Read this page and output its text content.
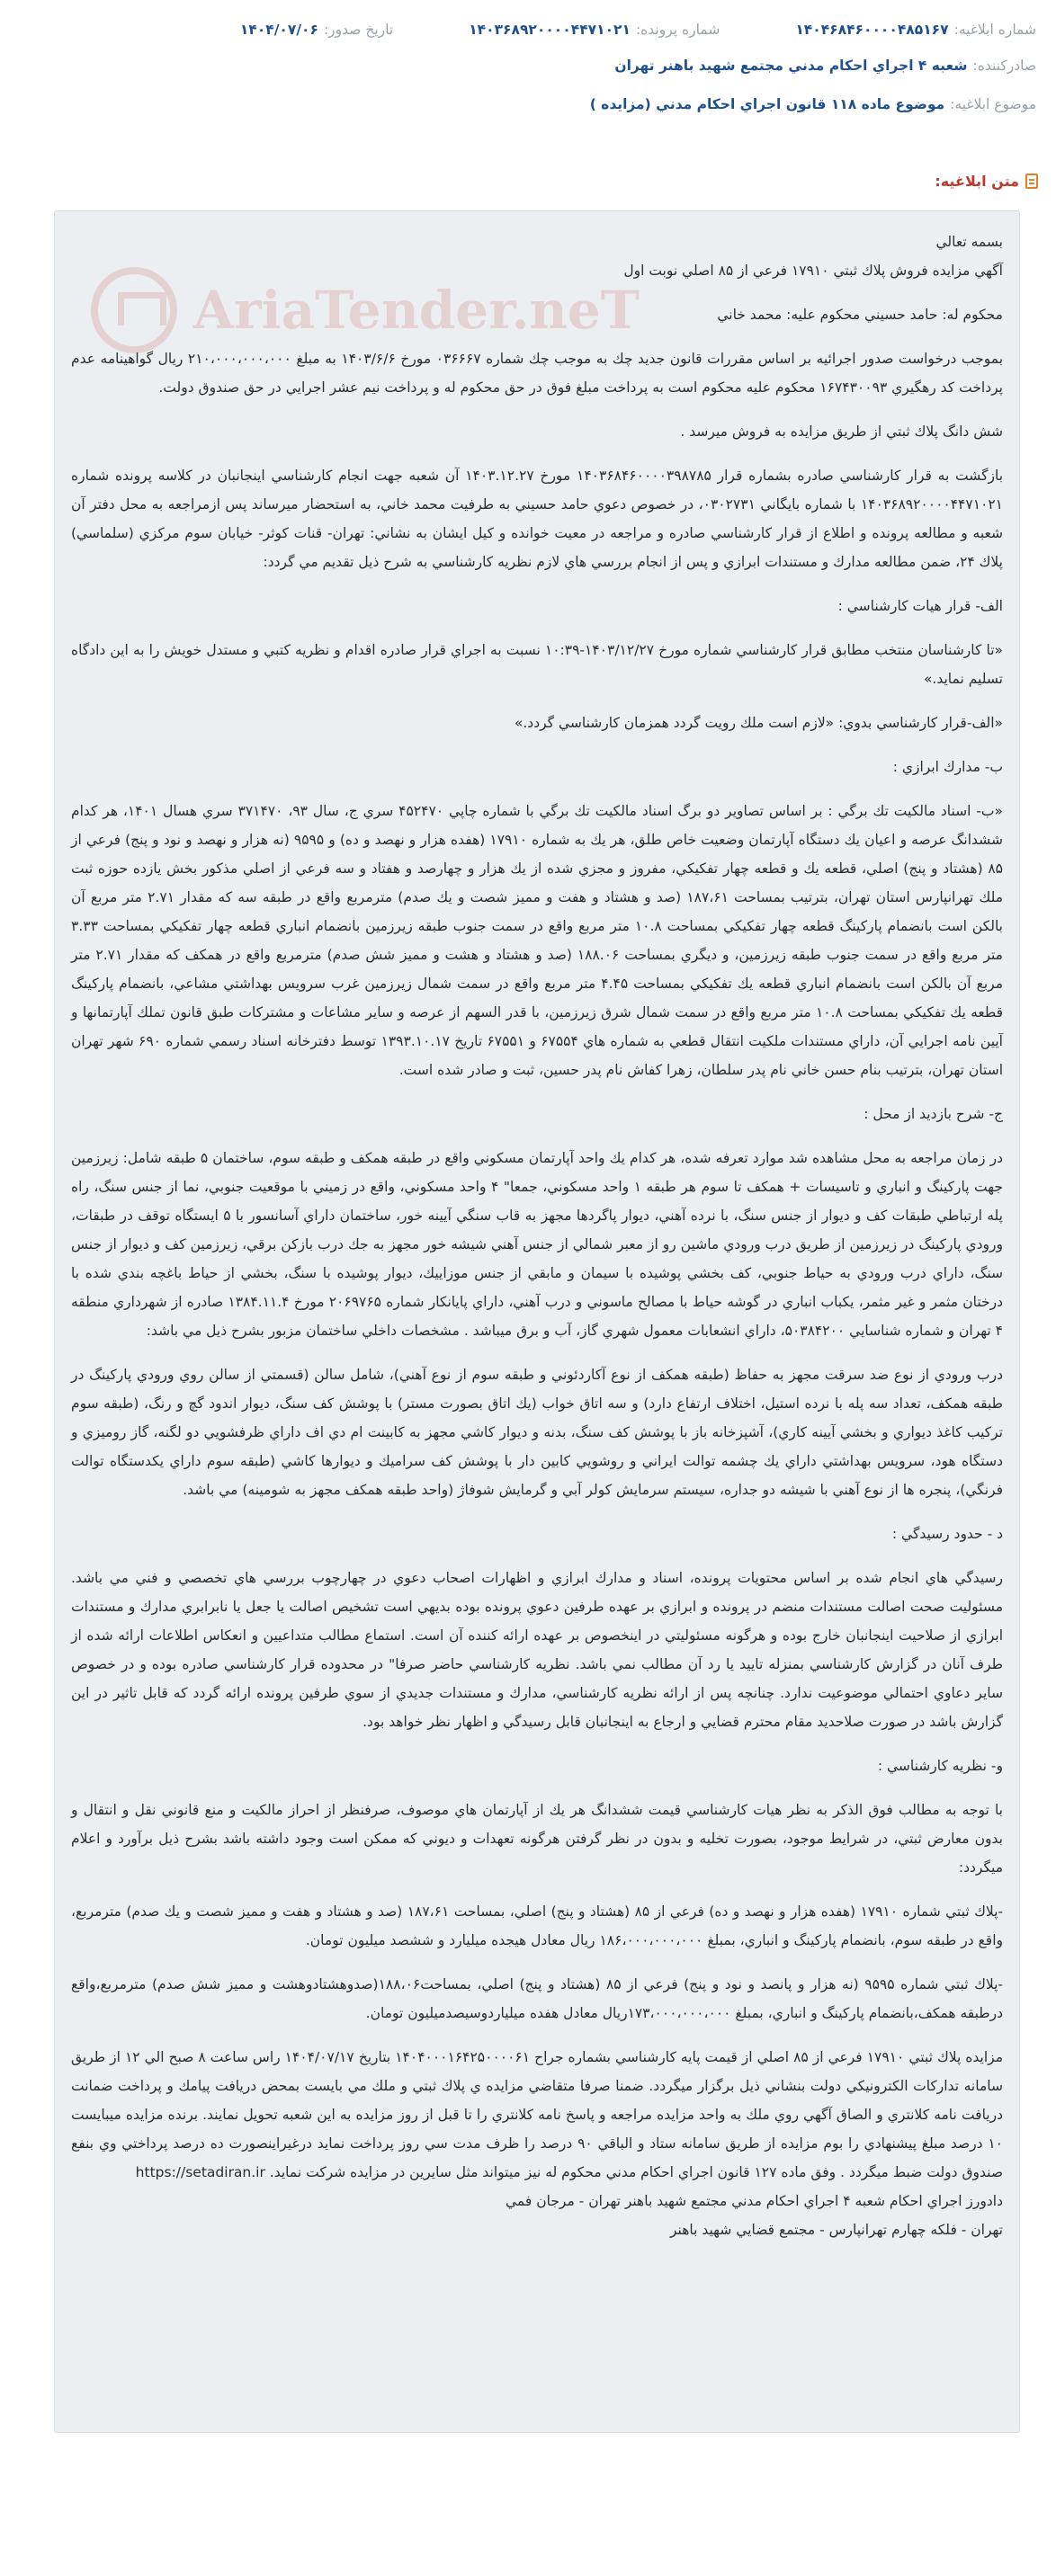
شماره ابلاغیه:۱۴۰۴۶۸۴۶۰۰۰۰۴۸۵۱۶۷
شماره پرونده:۱۴۰۳۶۸۹۲۰۰۰۰۴۴۷۱۰۲۱
تاریخ صدور:۱۴۰۴/۰۷/۰۶
صادرکننده:
شعبه ۴ اجراي احكام مدني مجتمع شهيد باهنر تهران
موضوع ابلاغیه:
موضوع ماده ۱۱۸ قانون اجراي احكام مدني (مزايده )
متن ابلاغیه:
AriaTender.neT
بسمه تعالي
آگهي مزايده فروش پلاك ثبتي ۱۷۹۱۰ فرعي از ۸۵ اصلي نوبت اول
محكوم له: حامد حسيني محكوم عليه: محمد خاني
بموجب درخواست صدور اجرائيه بر اساس مقررات قانون جديد چك به موجب چك شماره ۰۳۶۶۶۷ مورخ ۱۴۰۳/۶/۶ به مبلغ ۲۱۰،۰۰۰،۰۰۰،۰۰۰ ريال گواهينامه عدم پرداخت كد رهگيري ۱۶۷۴۳۰۰۹۳ محكوم عليه محكوم است به پرداخت مبلغ فوق در حق محكوم له و پرداخت نيم عشر اجرايي در حق صندوق دولت.
شش دانگ پلاك ثبتي از طريق مزايده به فروش ميرسد .
بازگشت به قرار كارشناسي صادره بشماره قرار ۱۴۰۳۶۸۴۶۰۰۰۰۳۹۸۷۸۵ مورخ ۱۴۰۳.۱۲.۲۷ آن شعبه جهت انجام كارشناسي اينجانبان در كلاسه پرونده شماره ۱۴۰۳۶۸۹۲۰۰۰۰۴۴۷۱۰۲۱ با شماره بايگاني ۰۳۰۲۷۳۱، در خصوص دعوي حامد حسيني به طرفيت محمد خاني، به استحضار ميرساند پس ازمراجعه به محل دفتر آن شعبه و مطالعه پرونده و اطلاع از قرار كارشناسي صادره و مراجعه در معيت خوانده و كيل ايشان به نشاني: تهران- قنات كوثر- خيابان سوم مركزي (سلماسي) پلاك ۲۴، ضمن مطالعه مدارك و مستندات ابرازي و پس از انجام بررسي هاي لازم نظريه كارشناسي به شرح ذيل تقديم مي گردد:
الف- قرار هيات كارشناسي :
«تا كارشناسان منتخب مطابق قرار كارشناسي شماره مورخ ۱۴۰۳/۱۲/۲۷-۱۰:۳۹ نسبت به اجراي قرار صادره اقدام و نظريه كتبي و مستدل خويش را به اين دادگاه تسليم نمايد.»
«الف-قرار كارشناسي بدوي: «لازم است ملك رويت گردد همزمان كارشناسي گردد.»
ب- مدارك ابرازي :
«ب- اسناد مالكيت تك برگي : بر اساس تصاوير دو برگ اسناد مالكيت تك برگي با شماره چاپي ۴۵۲۴۷۰ سري ج، سال ۹۳، ۳۷۱۴۷۰ سري هسال ۱۴۰۱، هر كدام ششدانگ عرصه و اعيان يك دستگاه آپارتمان وضعيت خاص طلق، هر يك به شماره ۱۷۹۱۰ (هفده هزار و نهصد و ده) و ۹۵۹۵ (نه هزار و نهصد و نود و پنج) فرعي از ۸۵ (هشتاد و پنج) اصلي، قطعه يك و قطعه چهار تفكيكي، مفروز و مجزي شده از يك هزار و چهارصد و هفتاد و سه فرعي از اصلي مذكور بخش يازده حوزه ثبت ملك تهرانپارس استان تهران، بترتيب بمساحت ۱۸۷،۶۱ (صد و هشتاد و هفت و مميز شصت و يك صدم) مترمربع واقع در طبقه سه كه مقدار ۲.۷۱ متر مربع آن بالكن است بانضمام پاركينگ قطعه چهار تفكيكي بمساحت ۱۰.۸ متر مربع واقع در سمت جنوب طبقه زيرزمين بانضمام انباري قطعه چهار تفكيكي بمساحت ۳.۳۳ متر مربع واقع در سمت جنوب طبقه زيرزمين، و ديگري بمساحت ۱۸۸.۰۶ (صد و هشتاد و هشت و مميز شش صدم) مترمربع واقع در همكف كه مقدار ۲.۷۱ متر مربع آن بالكن است بانضمام انباري قطعه يك تفكيكي بمساحت ۴.۴۵ متر مربع واقع در سمت شمال زيرزمين غرب سرويس بهداشتي مشاعي، بانضمام پاركينگ قطعه يك تفكيكي بمساحت ۱۰.۸ متر مربع واقع در سمت شمال شرق زيرزمين، با قدر السهم از عرصه و ساير مشاعات و مشتركات طبق قانون تملك آپارتمانها و آيين نامه اجرايي آن، داراي مستندات ملكيت انتقال قطعي به شماره هاي ۶۷۵۵۴ و ۶۷۵۵۱ تاريخ ۱۳۹۳.۱۰.۱۷ توسط دفترخانه اسناد رسمي شماره ۶۹۰ شهر تهران استان تهران، بترتيب بنام حسن خاني نام پدر سلطان، زهرا كفاش نام پدر حسين، ثبت و صادر شده است.
ج- شرح بازديد از محل :
در زمان مراجعه به محل مشاهده شد موارد تعرفه شده، هر كدام يك واحد آپارتمان مسكوني واقع در طبقه همكف و طبقه سوم، ساختمان ۵ طبقه شامل: زيرزمين جهت پاركينگ و انباري و تاسيسات + همكف تا سوم هر طبقه ۱ واحد مسكوني، جمعا" ۴ واحد مسكوني، واقع در زميني با موقعيت جنوبي، نما از جنس سنگ، راه پله ارتباطي طبقات كف و ديوار از جنس سنگ، با نرده آهني، ديوار پاگردها مجهز به قاب سنگي آيينه خور، ساختمان داراي آسانسور با ۵ ايستگاه توقف در طبقات، ورودي پاركينگ در زيرزمين از طريق درب ورودي ماشين رو از معبر شمالي از جنس آهني شيشه خور مجهز به جك درب بازكن برقي، زيرزمين كف و ديوار از جنس سنگ، داراي درب ورودي به حياط جنوبي، كف بخشي پوشيده با سيمان و مابقي از جنس موزاييك، ديوار پوشيده با سنگ، بخشي از حياط باغچه بندي شده با درختان مثمر و غير مثمر، يكباب انباري در گوشه حياط با مصالح ماسوني و درب آهني، داراي پايانكار شماره ۲۰۶۹۷۶۵ مورخ ۱۳۸۴.۱۱.۴ صادره از شهرداري منطقه ۴ تهران و شماره شناسايي ۵۰۳۸۴۲۰۰، داراي انشعابات معمول شهري گاز، آب و برق ميباشد . مشخصات داخلي ساختمان مزبور بشرح ذيل مي باشد:
درب ورودي از نوع ضد سرقت مجهز به حفاظ (طبقه همكف از نوع آكاردئوني و طبقه سوم از نوع آهني)، شامل سالن (قسمتي از سالن روي ورودي پاركينگ در طبقه همكف، تعداد سه پله با نرده استيل، اختلاف ارتفاع دارد) و سه اتاق خواب (يك اتاق بصورت مستر) با پوشش كف سنگ، ديوار اندود گچ و رنگ، (طبقه سوم تركيب كاغذ ديواري و بخشي آيينه كاري)، آشپزخانه باز با پوشش كف سنگ، بدنه و ديوار كاشي مجهز به كابينت ام دي اف داراي ظرفشويي دو لگنه، گاز روميزي و دستگاه هود، سرويس بهداشتي داراي يك چشمه توالت ايراني و روشويي كابين دار با پوشش كف سراميك و ديوارها كاشي (طبقه سوم داراي يكدستگاه توالت فرنگي)، پنجره ها از نوع آهني با شيشه دو جداره، سيستم سرمايش كولر آبي و گرمايش شوفاژ (واحد طبقه همكف مجهز به شومينه) مي باشد.
د - حدود رسيدگي :
رسيدگي هاي انجام شده بر اساس محتويات پرونده، اسناد و مدارك ابرازي و اظهارات اصحاب دعوي در چهارچوب بررسي هاي تخصصي و فني مي باشد. مسئوليت صحت اصالت مستندات منضم در پرونده و ابرازي بر عهده طرفين دعوي پرونده بوده بديهي است تشخيص اصالت يا جعل يا نابرابري مدارك و مستندات ابرازي از صلاحيت اينجانبان خارج بوده و هرگونه مسئوليتي در اينخصوص بر عهده ارائه كننده آن است. استماع مطالب متداعيين و انعكاس اطلاعات ارائه شده از طرف آنان در گزارش كارشناسي بمنزله تاييد يا رد آن مطالب نمي باشد. نظريه كارشناسي حاضر صرفا" در محدوده قرار كارشناسي صادره بوده و در خصوص ساير دعاوي احتمالي موضوعيت ندارد. چنانچه پس از ارائه نظريه كارشناسي، مدارك و مستندات جديدي از سوي طرفين پرونده ارائه گردد كه قابل تاثير در اين گزارش باشد در صورت صلاحديد مقام محترم قضايي و ارجاع به اينجانبان قابل رسيدگي و اظهار نظر خواهد بود.
و- نظريه كارشناسي :
با توجه به مطالب فوق الذكر به نظر هيات كارشناسي قيمت ششدانگ هر يك از آپارتمان هاي موصوف، صرفنظر از احراز مالكيت و منع قانوني نقل و انتقال و بدون معارض ثبتي، در شرايط موجود، بصورت تخليه و بدون در نظر گرفتن هرگونه تعهدات و ديوني كه ممكن است وجود داشته باشد بشرح ذيل برآورد و اعلام ميگردد:
-پلاك ثبتي شماره ۱۷۹۱۰ (هفده هزار و نهصد و ده) فرعي از ۸۵ (هشتاد و پنج) اصلي، بمساحت ۱۸۷،۶۱ (صد و هشتاد و هفت و مميز شصت و يك صدم) مترمربع، واقع در طبقه سوم، بانضمام پاركينگ و انباري، بمبلغ ۱۸۶،۰۰۰،۰۰۰،۰۰۰ ريال معادل هيجده ميليارد و ششصد ميليون تومان.
-پلاك ثبتي شماره ۹۵۹۵ (نه هزار و پانصد و نود و پنج) فرعي از ۸۵ (هشتاد و پنج) اصلي، بمساحت۱۸۸،۰۶(صدوهشتادوهشت و مميز شش صدم) مترمربع،واقع درطبقه همكف،بانضمام پاركينگ و انباري، بمبلغ ۱۷۳،۰۰۰،۰۰۰،۰۰۰ريال معادل هفده ميلياردوسيصدميليون تومان.
مزايده پلاك ثبتي ۱۷۹۱۰ فرعي از ۸۵ اصلي از قيمت پايه كارشناسي بشماره جراح ۱۴۰۴۰۰۰۱۶۴۲۵۰۰۰۰۶۱ بتاريخ ۱۴۰۴/۰۷/۱۷ راس ساعت ۸ صبح الي ۱۲ از طريق سامانه تداركات الكترونيكي دولت بنشاني ذيل برگزار ميگردد. ضمنا صرفا متقاضي مزايده ي پلاك ثبتي و ملك مي بايست بمحض دريافت پيامك و پرداخت ضمانت دريافت نامه كلانتري و الصاق آگهي روي ملك به واحد مزايده مراجعه و پاسخ نامه كلانتري را تا قبل از روز مزايده به اين شعبه تحويل نمايند. برنده مزايده ميبايست ۱۰ درصد مبلغ پيشنهادي را بوم مزايده از طريق سامانه ستاد و الباقي ۹۰ درصد را ظرف مدت سي روز پرداخت نمايد درغيراينصورت ده درصد پرداختي وي بنفع صندوق دولت ضبط ميگردد . وفق ماده ۱۲۷ قانون اجراي احكام مدني محكوم له نيز ميتواند مثل سايرين در مزايده شركت نمايد. https://setadiran.ir
دادورز اجراي احكام شعبه ۴ اجراي احكام مدني مجتمع شهيد باهنر تهران - مرجان فمي
تهران - فلكه چهارم تهرانپارس - مجتمع قضايي شهيد باهنر
